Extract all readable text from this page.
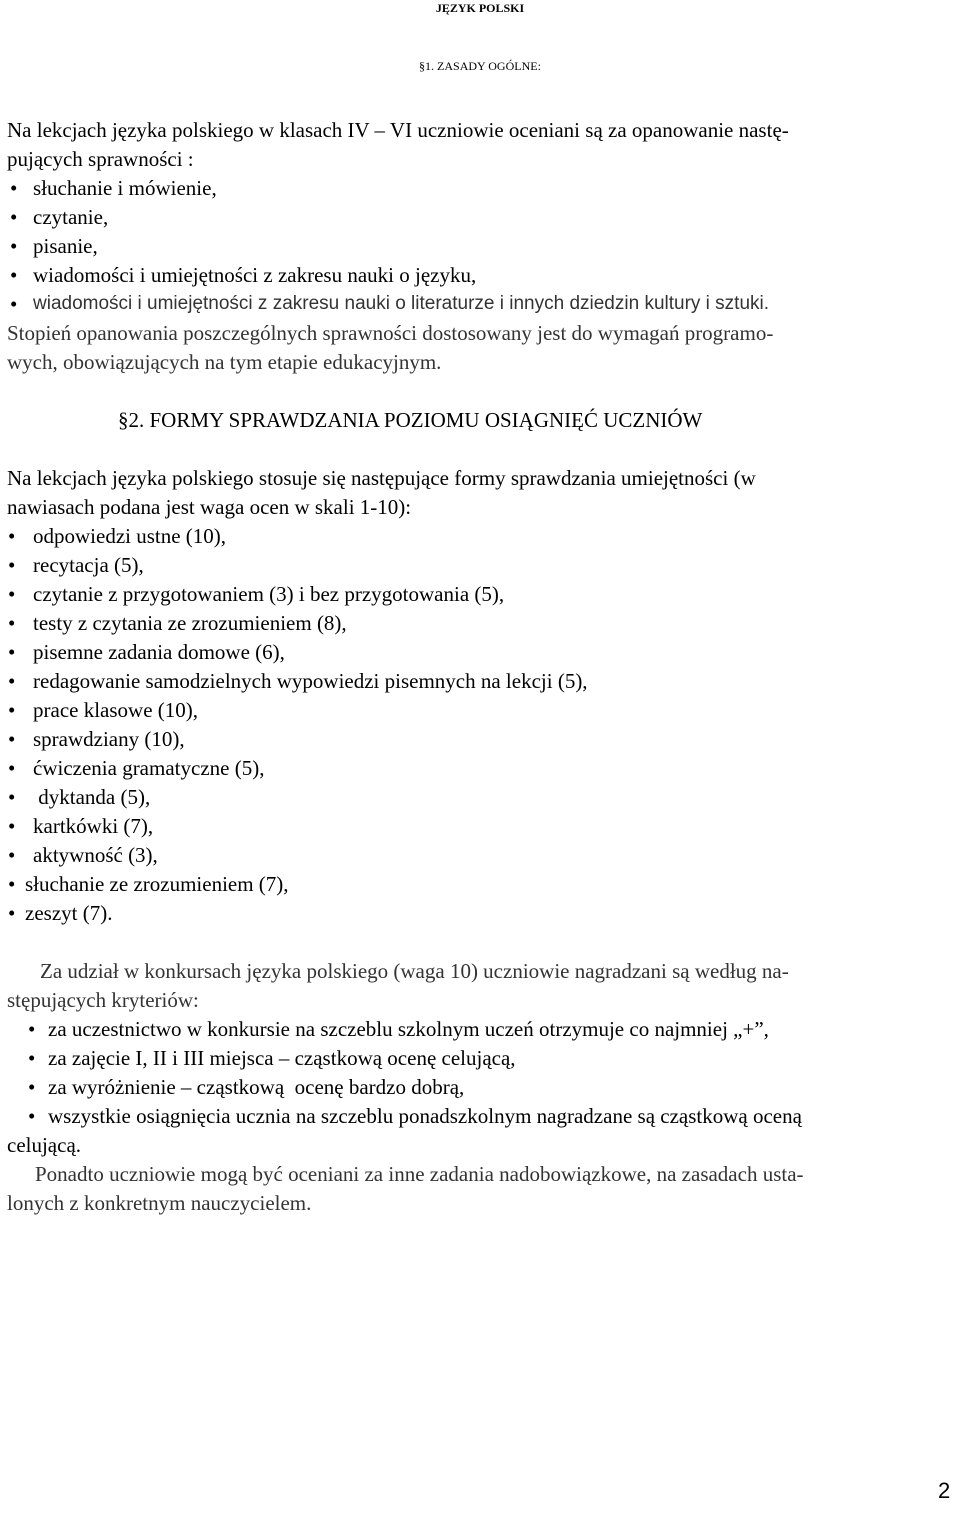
JĘZYK POLSKI
§1. ZASADY OGÓLNE:
Na lekcjach języka polskiego w klasach IV – VI uczniowie oceniani są za opanowanie nastę-
pujących sprawności :
• słuchanie i mówienie,
• czytanie,
• pisanie,
• wiadomości i umiejętności z zakresu nauki o języku,
• wiadomości i umiejętności z zakresu nauki o literaturze i innych dziedzin kultury i sztuki.
Stopień opanowania poszczególnych sprawności dostosowany jest do wymagań programo-
wych, obowiązujących na tym etapie edukacyjnym.
§2. FORMY SPRAWDZANIA POZIOMU OSIĄGNIĘĆ UCZNIÓW
Na lekcjach języka polskiego stosuje się następujące formy sprawdzania umiejętności (w
nawiasach podana jest waga ocen w skali 1-10):
• odpowiedzi ustne (10),
• recytacja (5),
• czytanie z przygotowaniem (3) i bez przygotowania (5),
• testy z czytania ze zrozumieniem (8),
• pisemne zadania domowe (6),
• redagowanie samodzielnych wypowiedzi pisemnych na lekcji (5),
• prace klasowe (10),
• sprawdziany (10),
• ćwiczenia gramatyczne (5),
• dyktanda (5),
• kartkówki (7),
• aktywność (3),
• słuchanie ze zrozumieniem (7),
• zeszyt (7).
Za udział w konkursach języka polskiego (waga 10) uczniowie nagradzani są według na-
stępujących kryteriów:
• za uczestnictwo w konkursie na szczeblu szkolnym uczeń otrzymuje co najmniej „+”,
• za zajęcie I, II i III miejsca – cząstkową ocenę celującą,
• za wyróżnienie – cząstkową  ocenę bardzo dobrą,
• wszystkie osiągnięcia ucznia na szczeblu ponadszkolnym nagradzane są cząstkową oceną
celującą.
Ponadto uczniowie mogą być oceniani za inne zadania nadobowiązkowe, na zasadach usta-
lonych z konkretnym nauczycielem.
2
